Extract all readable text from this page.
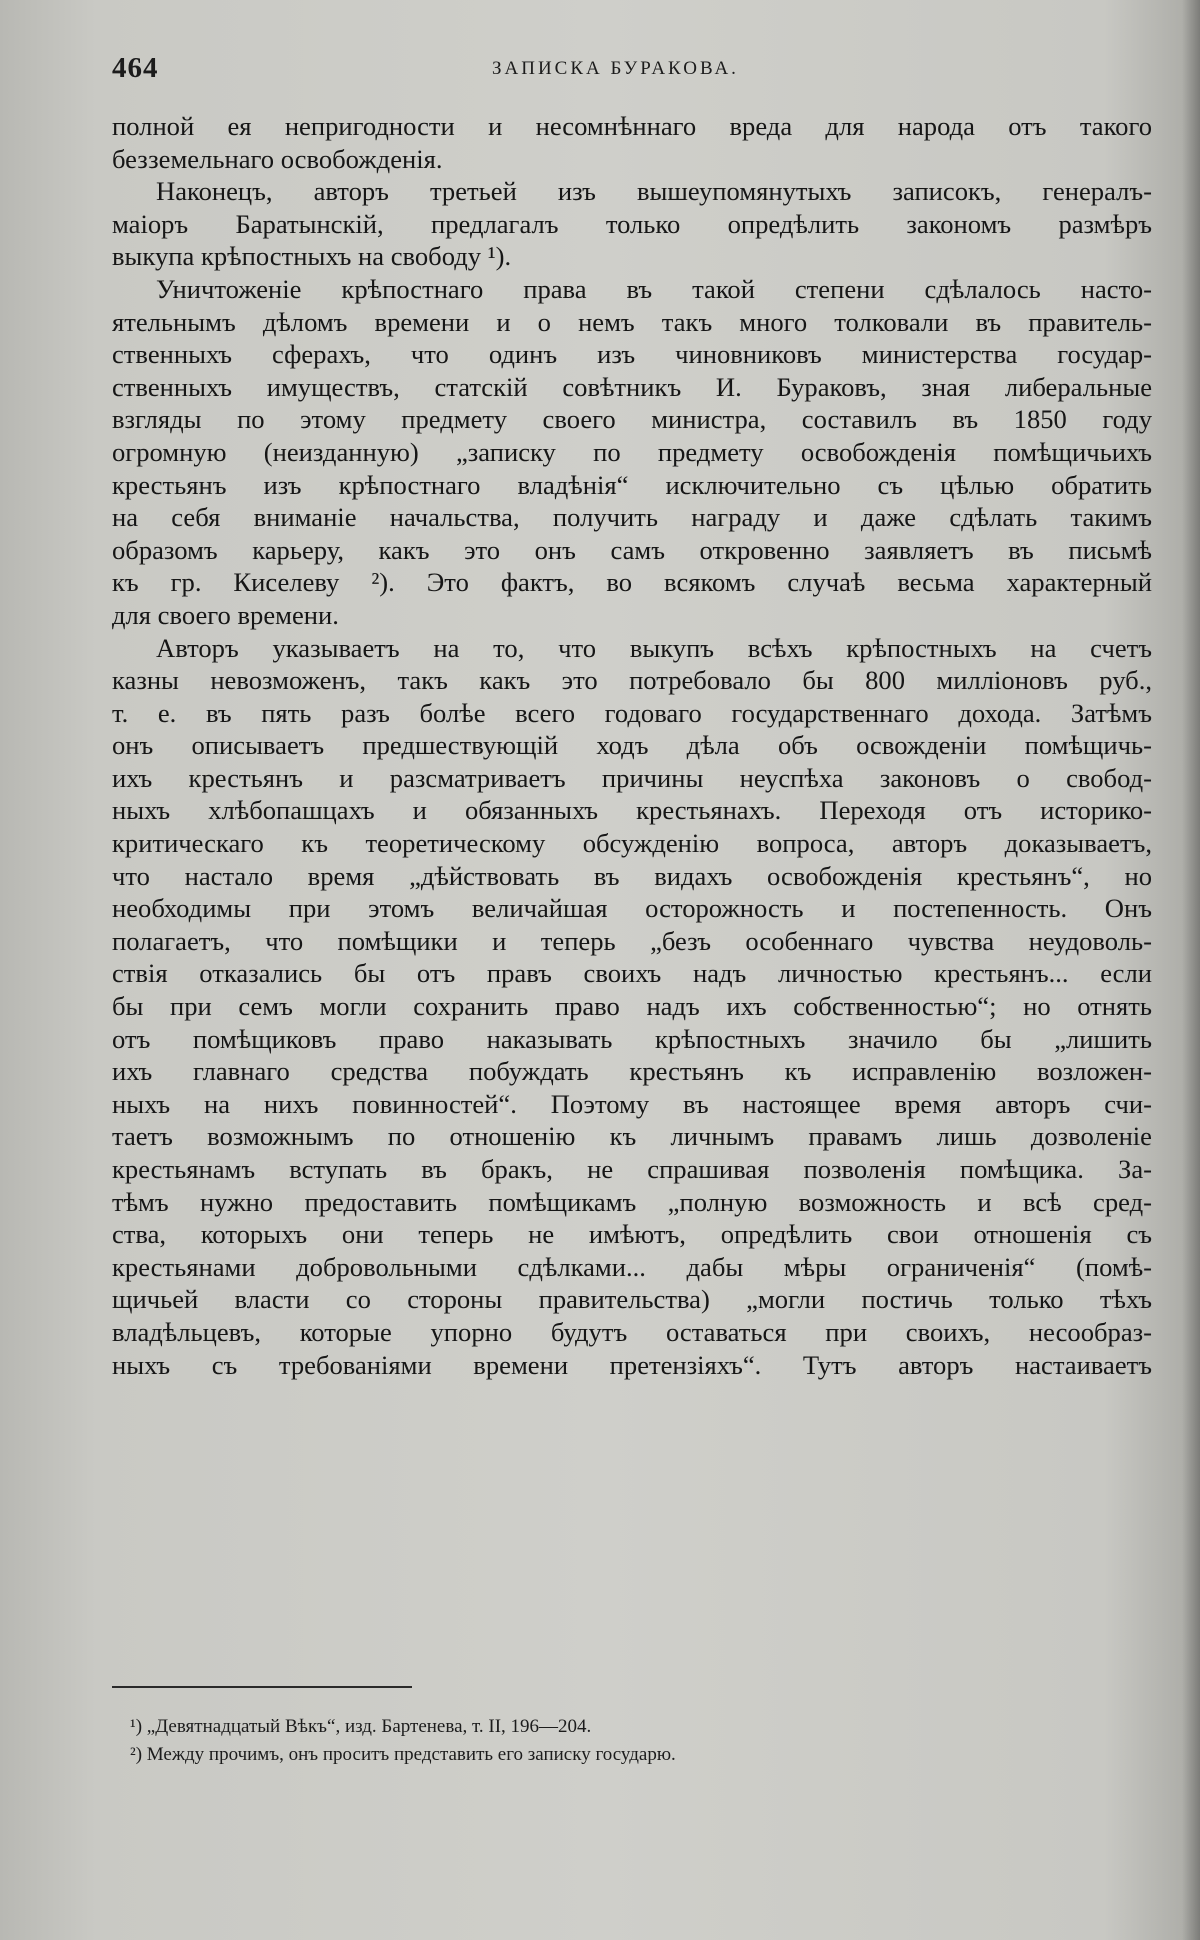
464	ЗАПИСКА БУРАКОВА.

полной ея непригодности и несомнѣннаго вреда для народа отъ такого

безземельнаго освобожденія.

Наконецъ, авторъ третьей изъ вышеупомянутыхъ записокъ, генералъ-

маіоръ Баратынскій, предлагалъ только опредѣлить закономъ размѣръ

выкупа крѣпостныхъ на свободу ¹).

Уничтоженіе крѣпостнаго права въ такой степени сдѣлалось насто-

ятельнымъ дѣломъ времени и о немъ такъ много толковали въ правитель-

ственныхъ сферахъ, что одинъ изъ чиновниковъ министерства государ-

ственныхъ имуществъ, статскій совѣтникъ И. Бураковъ, зная либеральные

взгляды по этому предмету своего министра, составилъ въ 1850 году

огромную (неизданную) „записку по предмету освобожденія помѣщичьихъ

крестьянъ изъ крѣпостнаго владѣнія“ исключительно съ цѣлью обратить

на себя вниманіе начальства, получить награду и даже сдѣлать такимъ

образомъ карьеру, какъ это онъ самъ откровенно заявляетъ въ письмѣ

къ гр. Киселеву ²). Это фактъ, во всякомъ случаѣ весьма характерный

для своего времени.

Авторъ указываетъ на то, что выкупъ всѣхъ крѣпостныхъ на счетъ

казны невозможенъ, такъ какъ это потребовало бы 800 милліоновъ руб.,

т. е. въ пять разъ болѣе всего годоваго государственнаго дохода. Затѣмъ

онъ описываетъ предшествующій ходъ дѣла объ освожденіи помѣщичь-

ихъ крестьянъ и разсматриваетъ причины неуспѣха законовъ о свобод-

ныхъ хлѣбопашцахъ и обязанныхъ крестьянахъ. Переходя отъ историко-

критическаго къ теоретическому обсужденію вопроса, авторъ доказываетъ,

что настало время „дѣйствовать въ видахъ освобожденія крестьянъ“, но

необходимы при этомъ величайшая осторожность и постепенность. Онъ

полагаетъ, что помѣщики и теперь „безъ особеннаго чувства неудоволь-

ствія отказались бы отъ правъ своихъ надъ личностью крестьянъ... если

бы при семъ могли сохранить право надъ ихъ собственностью“; но отнять

отъ помѣщиковъ право наказывать крѣпостныхъ значило бы „лишить

ихъ главнаго средства побуждать крестьянъ къ исправленію возложен-

ныхъ на нихъ повинностей“. Поэтому въ настоящее время авторъ счи-

таетъ возможнымъ по отношенію къ личнымъ правамъ лишь дозволеніе

крестьянамъ вступать въ бракъ, не спрашивая позволенія помѣщика. За-

тѣмъ нужно предоставить помѣщикамъ „полную возможность и всѣ сред-

ства, которыхъ они теперь не имѣютъ, опредѣлить свои отношенія съ

крестьянами добровольными сдѣлками... дабы мѣры ограниченія“ (помѣ-

щичьей власти со стороны правительства) „могли постичь только тѣхъ

владѣльцевъ, которые упорно будутъ оставаться при своихъ, несообраз-

ныхъ съ требованіями времени претензіяхъ“. Тутъ авторъ настаиваетъ

¹) „Девятнадцатый Вѣкъ“, изд. Бартенева, т. II, 196—204.

²) Между прочимъ, онъ проситъ представить его записку государю.
